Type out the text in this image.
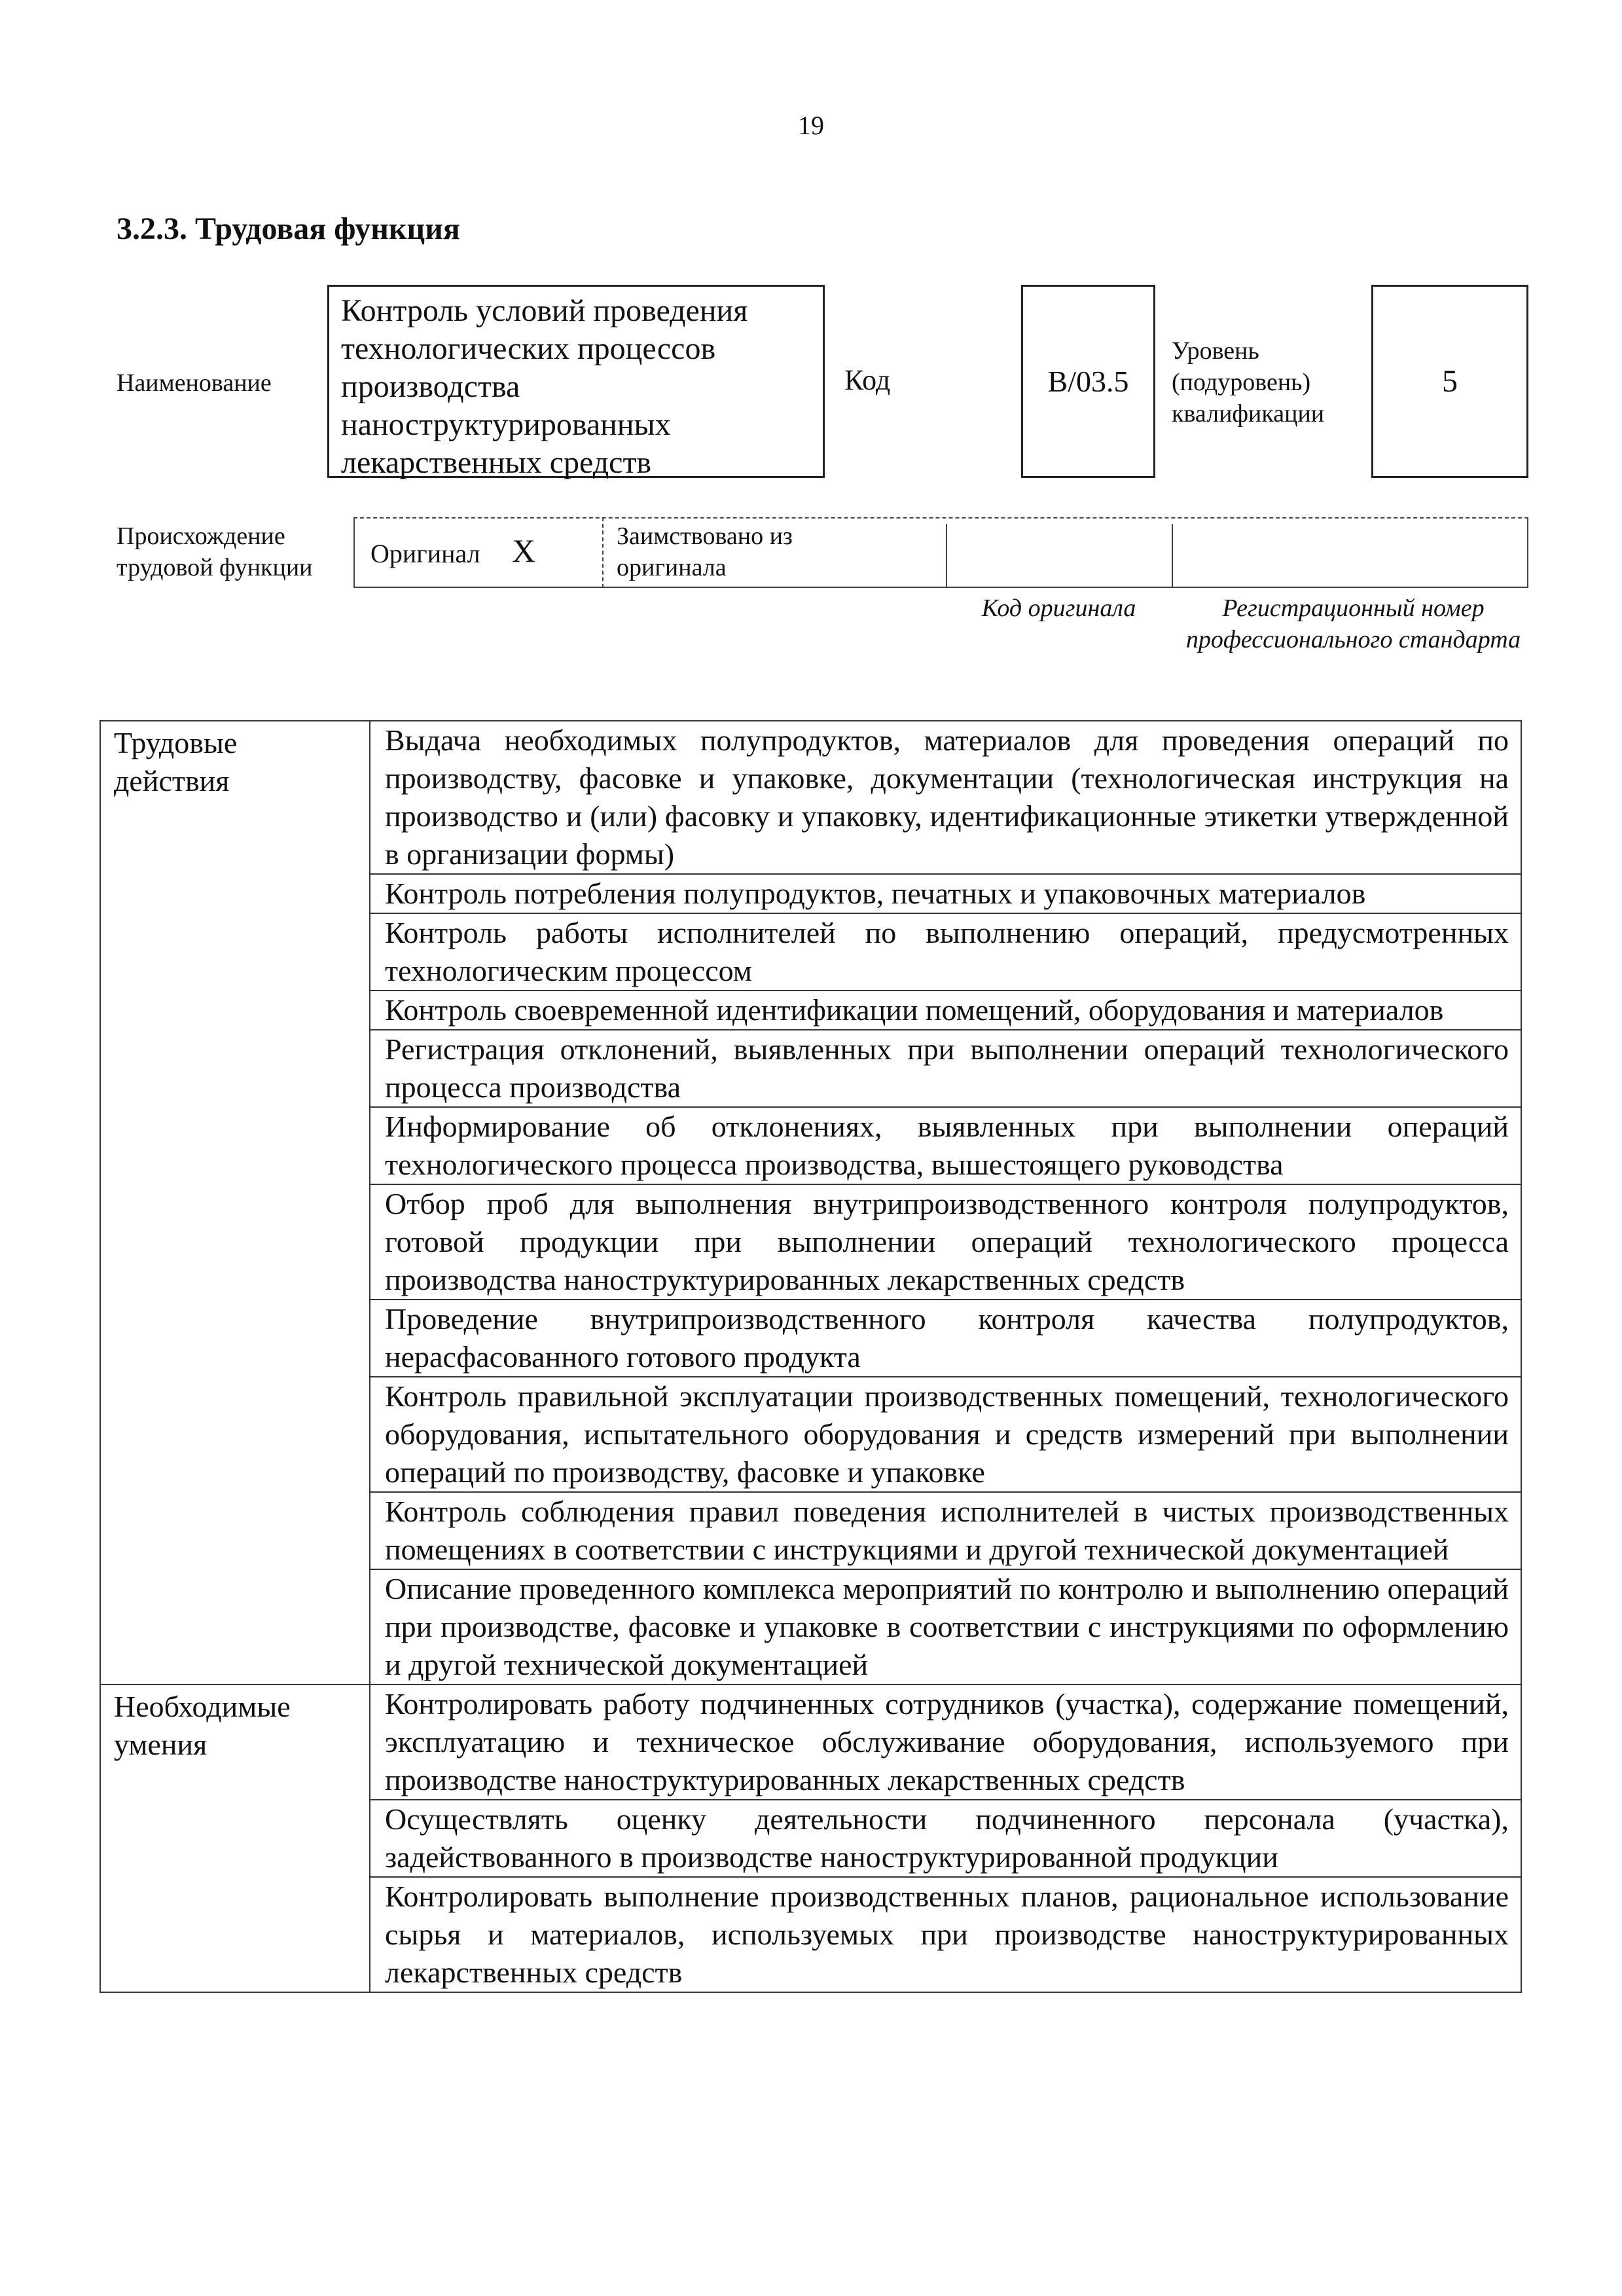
19
3.2.3. Трудовая функция
Наименование
Контроль условий проведения технологических процессов производства наноструктурированных лекарственных средств
Код	B/03.5
Уровень (подуровень) квалификации
5
Происхождение трудовой функции	Оригинал X	Заимствовано из оригинала
Код оригинала	Регистрационный номер профессионального стандарта
Трудовые действия	Выдача необходимых полупродуктов, материалов для проведения операций по производству, фасовке и упаковке, документации (технологическая инструкция на производство и (или) фасовку и упаковку, идентификационные этикетки утвержденной в организации формы)
	Контроль потребления полупродуктов, печатных и упаковочных материалов
	Контроль работы исполнителей по выполнению операций, предусмотренных технологическим процессом
	Контроль своевременной идентификации помещений, оборудования и материалов
	Регистрация отклонений, выявленных при выполнении операций технологического процесса производства
	Информирование об отклонениях, выявленных при выполнении операций технологического процесса производства, вышестоящего руководства
	Отбор проб для выполнения внутрипроизводственного контроля полупродуктов, готовой продукции при выполнении операций технологического процесса производства наноструктурированных лекарственных средств
	Проведение внутрипроизводственного контроля качества полупродуктов, нерасфасованного готового продукта
	Контроль правильной эксплуатации производственных помещений, технологического оборудования, испытательного оборудования и средств измерений при выполнении операций по производству, фасовке и упаковке
	Контроль соблюдения правил поведения исполнителей в чистых производственных помещениях в соответствии с инструкциями и другой технической документацией
	Описание проведенного комплекса мероприятий по контролю и выполнению операций при производстве, фасовке и упаковке в соответствии с инструкциями по оформлению и другой технической документацией
Необходимые умения	Контролировать работу подчиненных сотрудников (участка), содержание помещений, эксплуатацию и техническое обслуживание оборудования, используемого при производстве наноструктурированных лекарственных средств
	Осуществлять оценку деятельности подчиненного персонала (участка), задействованного в производстве наноструктурированной продукции
	Контролировать выполнение производственных планов, рациональное использование сырья и материалов, используемых при производстве наноструктурированных лекарственных средств
